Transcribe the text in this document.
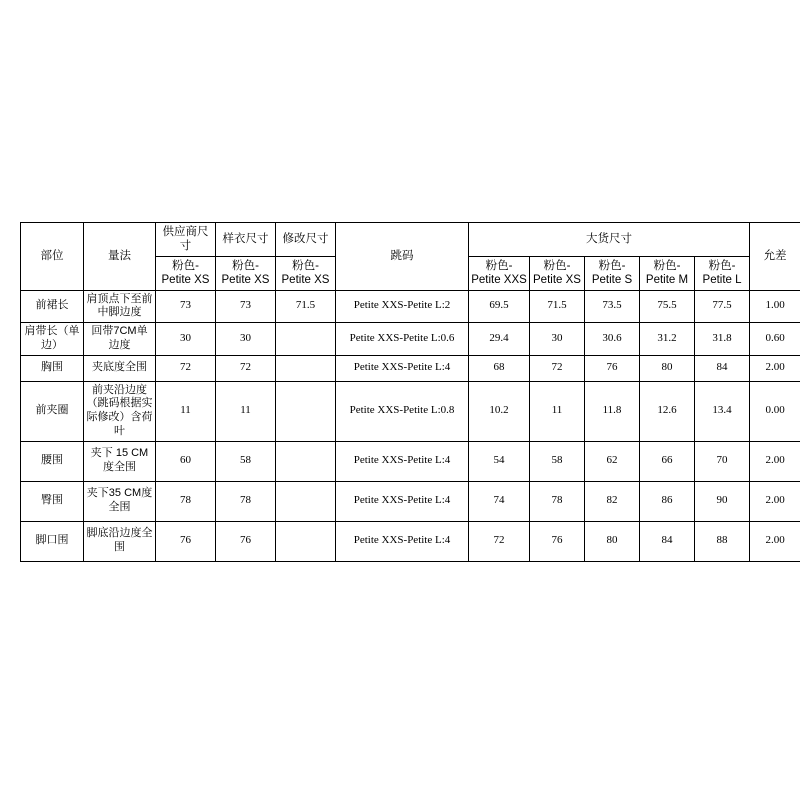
部位	量法	供应商尺寸	样衣尺寸	修改尺寸	跳码	大货尺寸					允差
		粉色-Petite XS	粉色-Petite XS	粉色-Petite XS		粉色-Petite XXS	粉色-Petite XS	粉色-Petite S	粉色-Petite M	粉色-Petite L	
前裙长	肩顶点下至前中脚边度	73	73	71.5	Petite XXS-Petite L:2	69.5	71.5	73.5	75.5	77.5	1.00
肩带长（单边）	回带7CM单边度	30	30		Petite XXS-Petite L:0.6	29.4	30	30.6	31.2	31.8	0.60
胸围	夹底度全围	72	72		Petite XXS-Petite L:4	68	72	76	80	84	2.00
前夹圈	前夹沿边度（跳码根据实际修改）含荷叶	11	11		Petite XXS-Petite L:0.8	10.2	11	11.8	12.6	13.4	0.00
腰围	夹下 15 CM度全围	60	58		Petite XXS-Petite L:4	54	58	62	66	70	2.00
臀围	夹下35 CM度全围	78	78		Petite XXS-Petite L:4	74	78	82	86	90	2.00
脚口围	脚底沿边度全围	76	76		Petite XXS-Petite L:4	72	76	80	84	88	2.00
